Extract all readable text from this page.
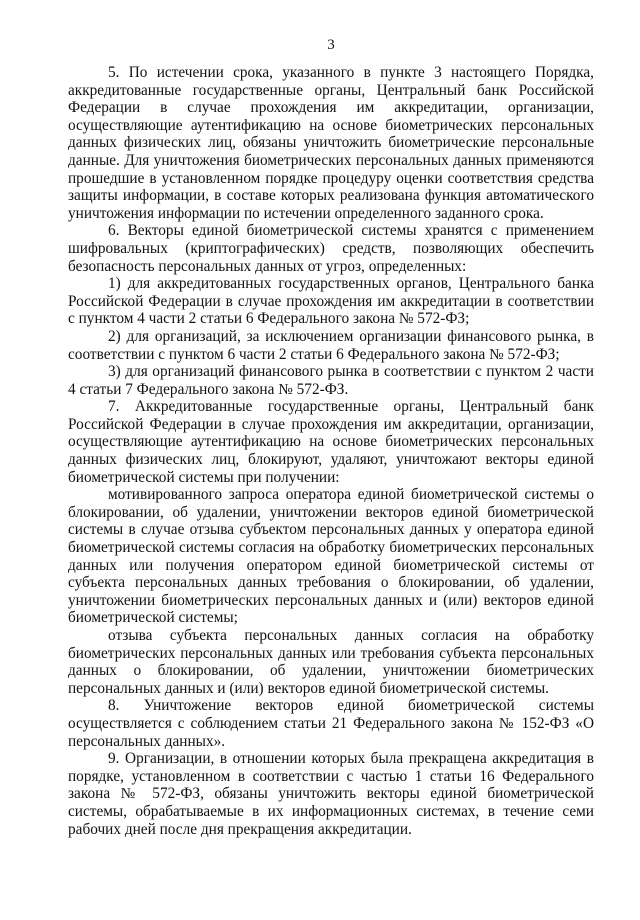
3

5. По истечении срока, указанного в пункте 3 настоящего Порядка, аккредитованные государственные органы, Центральный банк Российской Федерации в случае прохождения им аккредитации, организации, осуществляющие аутентификацию на основе биометрических персональных данных физических лиц, обязаны уничтожить биометрические персональные данные. Для уничтожения биометрических персональных данных применяются прошедшие в установленном порядке процедуру оценки соответствия средства защиты информации, в составе которых реализована функция автоматического уничтожения информации по истечении определенного заданного срока.

6. Векторы единой биометрической системы хранятся с применением шифровальных (криптографических) средств, позволяющих обеспечить безопасность персональных данных от угроз, определенных:

1) для аккредитованных государственных органов, Центрального банка Российской Федерации в случае прохождения им аккредитации в соответствии с пунктом 4 части 2 статьи 6 Федерального закона № 572-ФЗ;

2) для организаций, за исключением организации финансового рынка, в соответствии с пунктом 6 части 2 статьи 6 Федерального закона № 572-ФЗ;

3) для организаций финансового рынка в соответствии с пунктом 2 части 4 статьи 7 Федерального закона № 572-ФЗ.

7. Аккредитованные государственные органы, Центральный банк Российской Федерации в случае прохождения им аккредитации, организации, осуществляющие аутентификацию на основе биометрических персональных данных физических лиц, блокируют, удаляют, уничтожают векторы единой биометрической системы при получении:

мотивированного запроса оператора единой биометрической системы о блокировании, об удалении, уничтожении векторов единой биометрической системы в случае отзыва субъектом персональных данных у оператора единой биометрической системы согласия на обработку биометрических персональных данных или получения оператором единой биометрической системы от субъекта персональных данных требования о блокировании, об удалении, уничтожении биометрических персональных данных и (или) векторов единой биометрической системы;

отзыва субъекта персональных данных согласия на обработку биометрических персональных данных или требования субъекта персональных данных о блокировании, об удалении, уничтожении биометрических персональных данных и (или) векторов единой биометрической системы.

8. Уничтожение векторов единой биометрической системы осуществляется с соблюдением статьи 21 Федерального закона № 152-ФЗ «О персональных данных».

9. Организации, в отношении которых была прекращена аккредитация в порядке, установленном в соответствии с частью 1 статьи 16 Федерального закона № 572-ФЗ, обязаны уничтожить векторы единой биометрической системы, обрабатываемые в их информационных системах, в течение семи рабочих дней после дня прекращения аккредитации.
